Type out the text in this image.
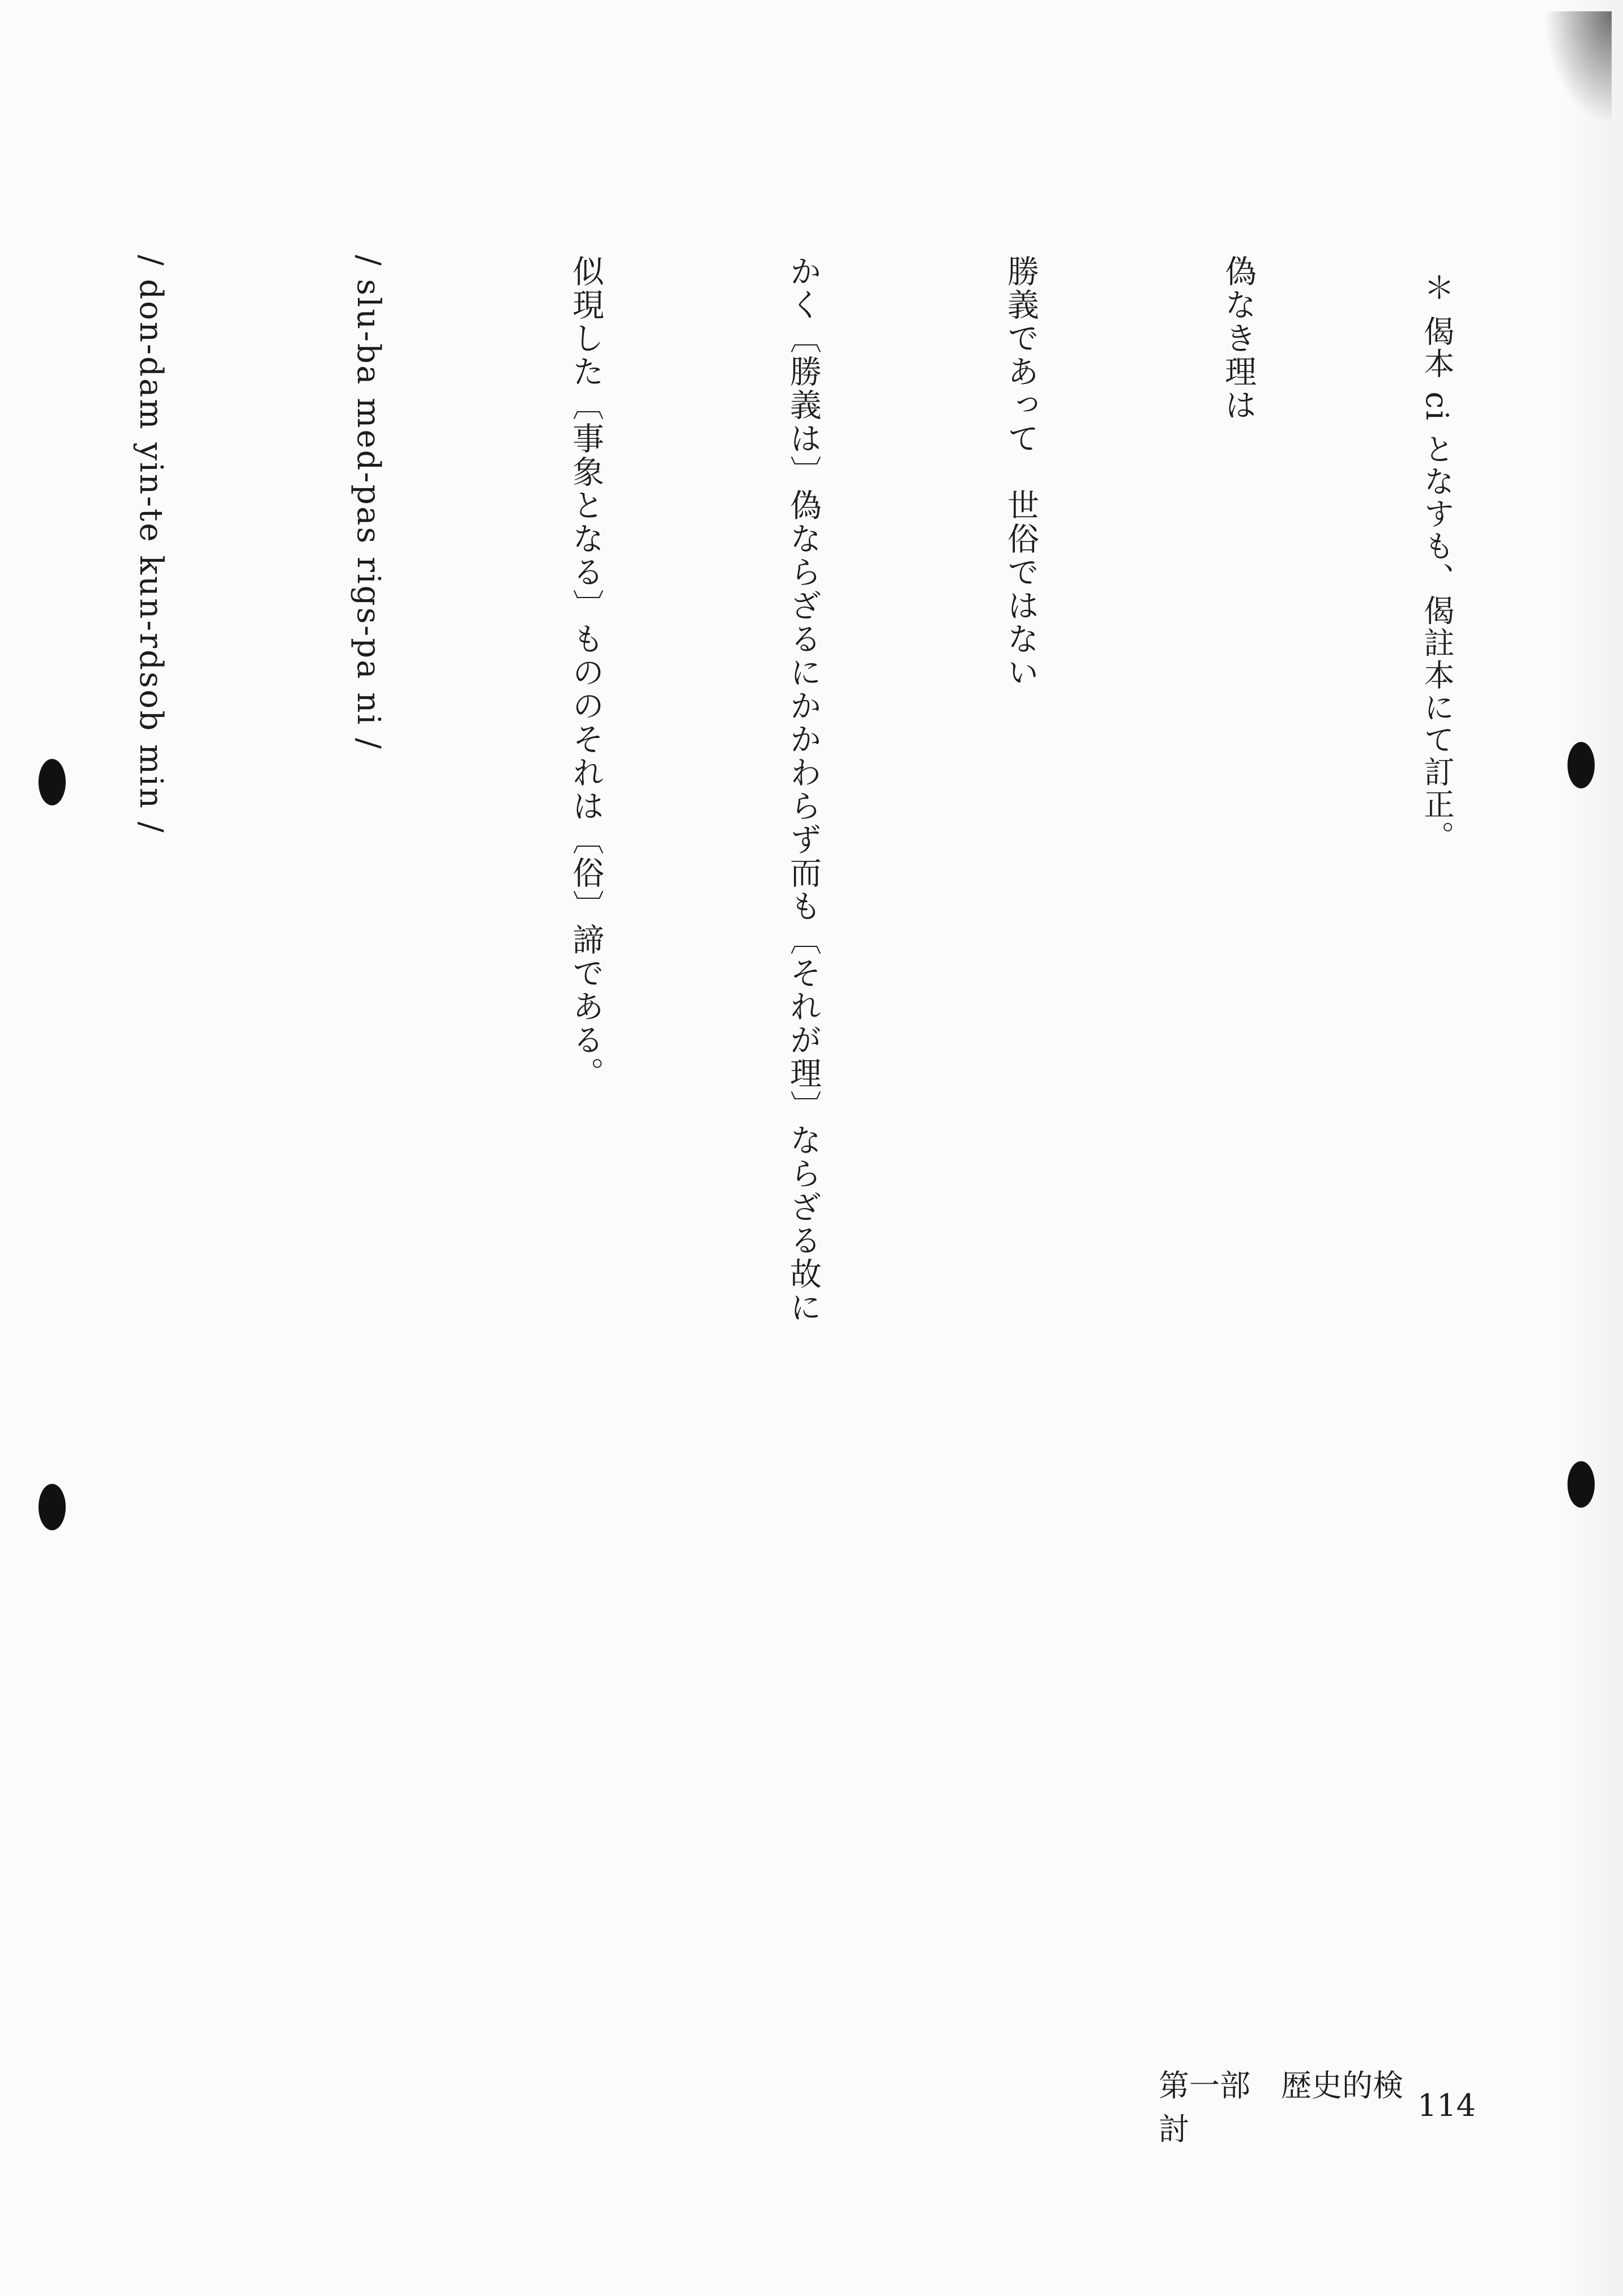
＊ 偈本 ci となすも、偈註本にて訂正。

偽なき理は

勝義であって　世俗ではない

かく〔勝義は〕偽ならざるにかかわらず而も〔それが理〕ならざる故に

似現した〔事象となる〕もののそれは〔俗〕諦である。

/ slu-ba med-pas rigs-pa ni /

/ don-dam yin-te kun-rdsob min /

第一部　歴史的検討
114
